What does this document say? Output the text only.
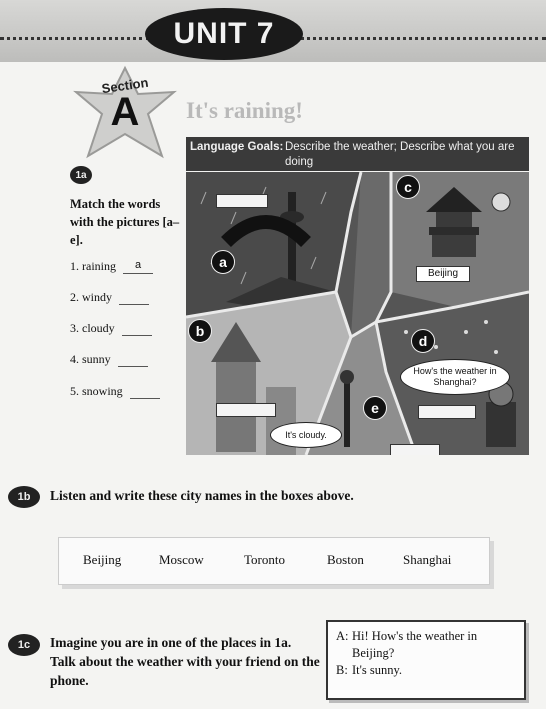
UNIT 7
Section
A	It's raining!
Language Goals: Describe the weather; Describe what you are doing
1a
Match the words with the pictures [a–e].
1. raining a
2. windy
3. cloudy
4. sunny
5. snowing
a
b
c
d
e
Beijing
How's the weather in Shanghai?
It's cloudy.
1b	Listen and write these city names in the boxes above.
Beijing	Moscow	Toronto	Boston	Shanghai
1c	Imagine you are in one of the places in 1a. Talk about the weather with your friend on the phone.
A: Hi! How's the weather in Beijing?
B: It's sunny.
